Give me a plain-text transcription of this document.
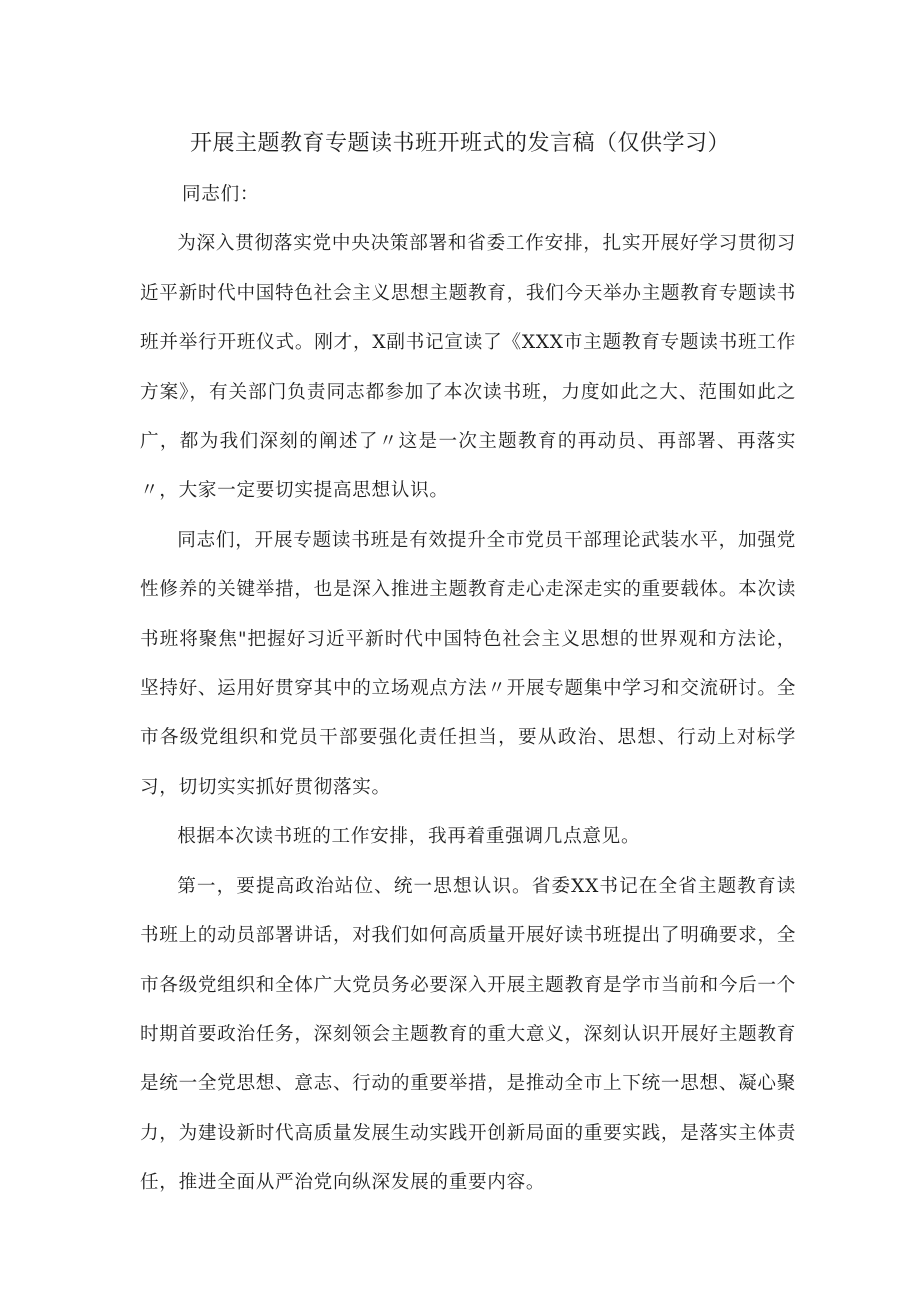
开展主题教育专题读书班开班式的发言稿（仅供学习）

同志们：

为深入贯彻落实党中央决策部署和省委工作安排，扎实开展好学习贯彻习近平新时代中国特色社会主义思想主题教育，我们今天举办主题教育专题读书班并举行开班仪式。刚才，X副书记宣读了《XXX市主题教育专题读书班工作方案》，有关部门负责同志都参加了本次读书班，力度如此之大、范围如此之广，都为我们深刻的阐述了〃这是一次主题教育的再动员、再部署、再落实〃，大家一定要切实提高思想认识。

同志们，开展专题读书班是有效提升全市党员干部理论武装水平，加强党性修养的关键举措，也是深入推进主题教育走心走深走实的重要载体。本次读书班将聚焦"把握好习近平新时代中国特色社会主义思想的世界观和方法论，坚持好、运用好贯穿其中的立场观点方法〃开展专题集中学习和交流研讨。全市各级党组织和党员干部要强化责任担当，要从政治、思想、行动上对标学习，切切实实抓好贯彻落实。

根据本次读书班的工作安排，我再着重强调几点意见。

第一，要提高政治站位、统一思想认识。省委XX书记在全省主题教育读书班上的动员部署讲话，对我们如何高质量开展好读书班提出了明确要求，全市各级党组织和全体广大党员务必要深入开展主题教育是学市当前和今后一个时期首要政治任务，深刻领会主题教育的重大意义，深刻认识开展好主题教育是统一全党思想、意志、行动的重要举措，是推动全市上下统一思想、凝心聚力，为建设新时代高质量发展生动实践开创新局面的重要实践，是落实主体责任，推进全面从严治党向纵深发展的重要内容。
